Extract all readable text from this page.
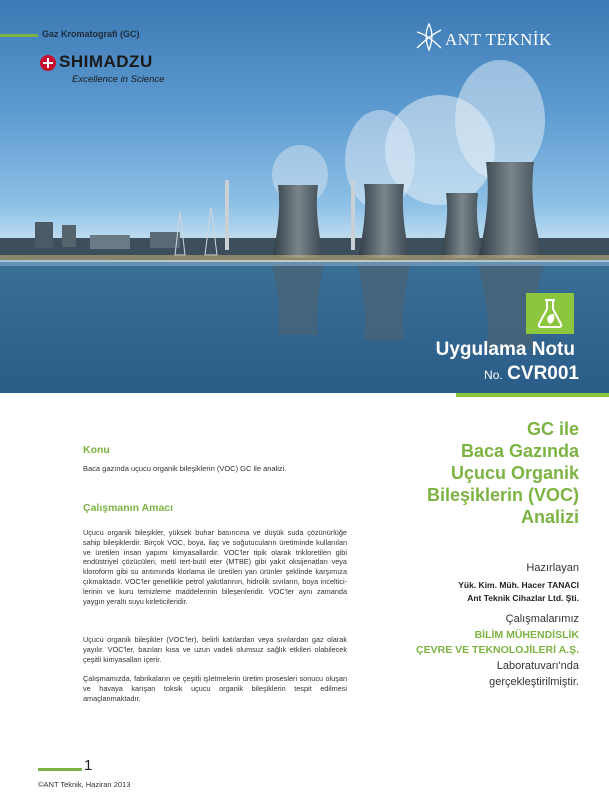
Gaz Kromatografi (GC)
SHIMADZU
Excellence in Science
ANT TEKNİK
Uygulama Notu
No. CVR001
GC ile
Baca Gazında
Uçucu Organik
Bileşiklerin (VOC)
Analizi
Hazırlayan
Yük. Kim. Müh. Hacer TANACI
Ant Teknik Cihazlar Ltd. Şti.
Çalışmalarımız
BİLİM MÜHENDİSLİK
ÇEVRE VE TEKNOLOJİLERİ A.Ş.
Laboratuvarı'nda
gerçekleştirilmiştir.
Konu
Baca gazında uçucu organik bileşiklerin (VOC) GC ile analizi.
Çalışmanın Amacı
Uçucu organik bileşikler, yüksek buhar basıncına ve düşük suda çözünürlüğe sahip bileşiklerdir. Birçok VOC, boya, ilaç ve soğutucuların üretiminde kullanılan ve üretilen insan yapımı kimyasallardır. VOC'ler tipik olarak trikloretilen gibi endüstriyel çözücüleri, metil tert-butil eter (MTBE) gibi yakıt oksijenatları veya kloroform gibi su arıtımında klorlama ile üretilen yan ürünler şeklinde karşımıza çıkmaktadır. VOC'ler genellikle petrol yakıtlarının, hidrolik sıvıların, boya incelticilerinin ve kuru temizleme maddelerinin bileşenleridir. VOC'ler aynı zamanda yaygın yeraltı suyu kirleticileridir.
Uçucu organik bileşikler (VOC'ler), belirli katılardan veya sıvılardan gaz olarak yayılır. VOC'ler, bazıları kısa ve uzun vadeli olumsuz sağlık etkileri olabilecek çeşitli kimyasalları içerir.
Çalışmamızda, fabrikaların ve çeşitli işletmelerin üretim prosesleri sonucu oluşan ve havaya karışan toksik uçucu organik bileşiklerin tespit edilmesi amaçlanmaktadır.
1
©ANT Teknik, Haziran 2013
